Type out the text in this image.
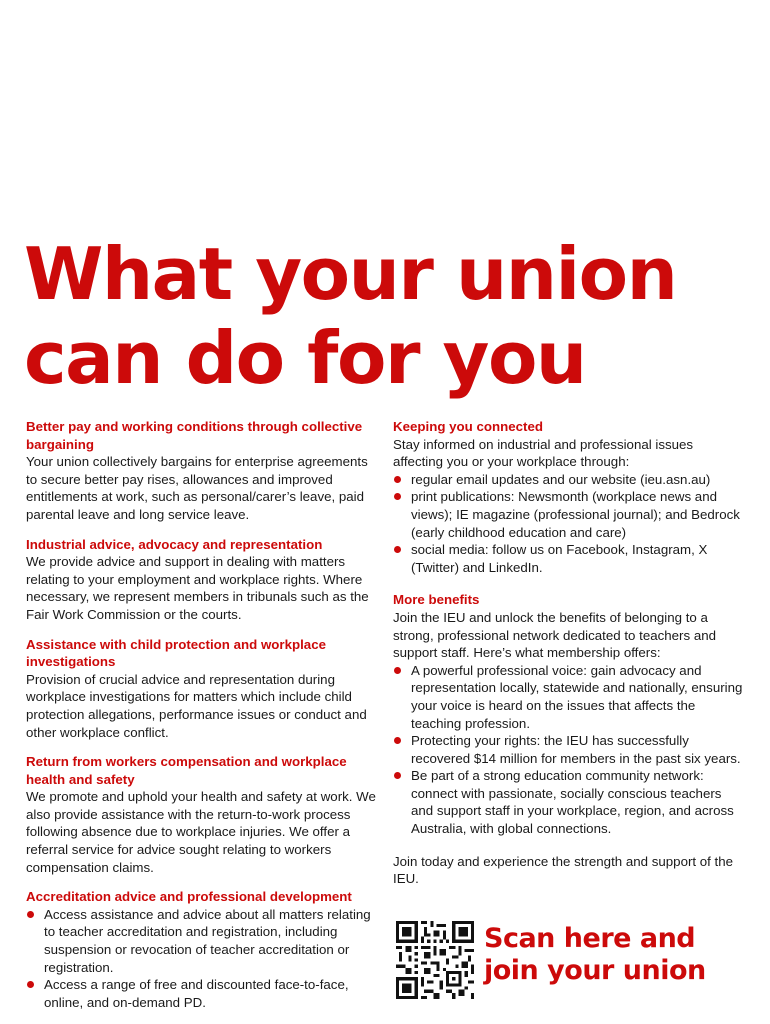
What your union
can do for you

Better pay and working conditions through collective bargaining

Your union collectively bargains for enterprise agreements to secure better pay rises, allowances and improved entitlements at work, such as personal/carer’s leave, paid parental leave and long service leave.

Industrial advice, advocacy and representation

We provide advice and support in dealing with matters relating to your employment and workplace rights. Where necessary, we represent members in tribunals such as the Fair Work Commission or the courts.

Assistance with child protection and workplace investigations

Provision of crucial advice and representation during workplace investigations for matters which include child protection allegations, performance issues or conduct and other workplace conflict.

Return from workers compensation and workplace health and safety

We promote and uphold your health and safety at work. We also provide assistance with the return-to-work process following absence due to workplace injuries. We offer a referral service for advice sought relating to workers compensation claims.

Accreditation advice and professional development

Access assistance and advice about all matters relating to teacher accreditation and registration, including suspension or revocation of teacher accreditation or registration.
Access a range of free and discounted face-to-face, online, and on-demand PD.

Keeping you connected

Stay informed on industrial and professional issues affecting you or your workplace through:

regular email updates and our website (ieu.asn.au)
print publications: Newsmonth (workplace news and views); IE magazine (professional journal); and Bedrock (early childhood education and care)
social media: follow us on Facebook, Instagram, X (Twitter) and LinkedIn.

More benefits

Join the IEU and unlock the benefits of belonging to a strong, professional network dedicated to teachers and support staff. Here’s what membership offers:

A powerful professional voice: gain advocacy and representation locally, statewide and nationally, ensuring your voice is heard on the issues that affects the teaching profession.
Protecting your rights: the IEU has successfully recovered $14 million for members in the past six years.
Be part of a strong education community network: connect with passionate, socially conscious teachers and support staff in your workplace, region, and across Australia, with global connections.

Join today and experience the strength and support of the IEU.

Scan here and
join your union
